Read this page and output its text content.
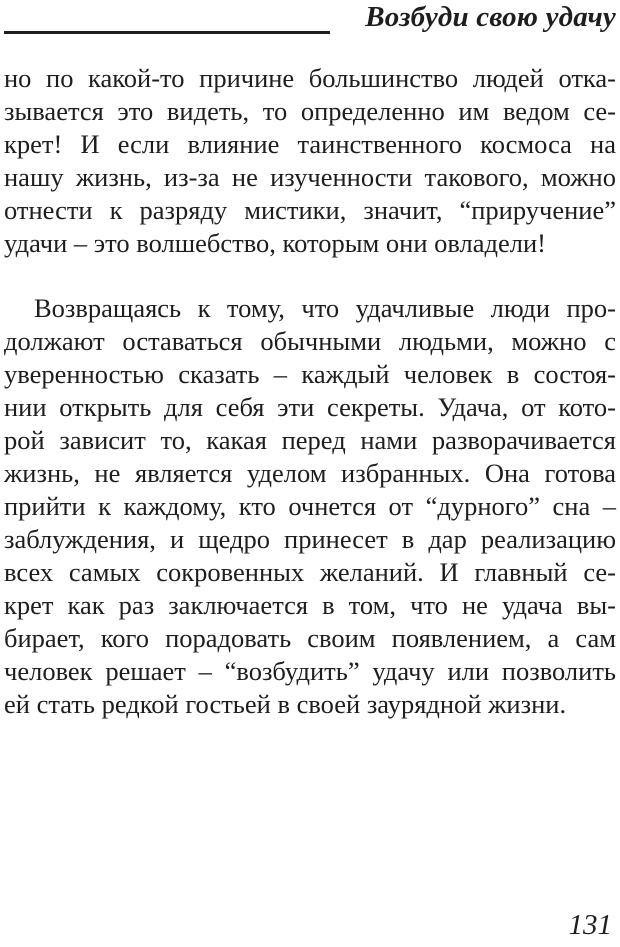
Возбуди свою удачу
но по какой-то причине большинство людей отка-
зывается это видеть, то определенно им ведом се-
крет! И если влияние таинственного космоса на
нашу жизнь, из-за не изученности такового, можно
отнести к разряду мистики, значит, “приручение”
удачи – это волшебство, которым они овладели!
Возвращаясь к тому, что удачливые люди про-
должают оставаться обычными людьми, можно с
уверенностью сказать – каждый человек в состоя-
нии открыть для себя эти секреты. Удача, от кото-
рой зависит то, какая перед нами разворачивается
жизнь, не является уделом избранных. Она готова
прийти к каждому, кто очнется от “дурного” сна –
заблуждения, и щедро принесет в дар реализацию
всех самых сокровенных желаний. И главный се-
крет как раз заключается в том, что не удача вы-
бирает, кого порадовать своим появлением, а сам
человек решает – “возбудить” удачу или позволить
ей стать редкой гостьей в своей заурядной жизни.
131
